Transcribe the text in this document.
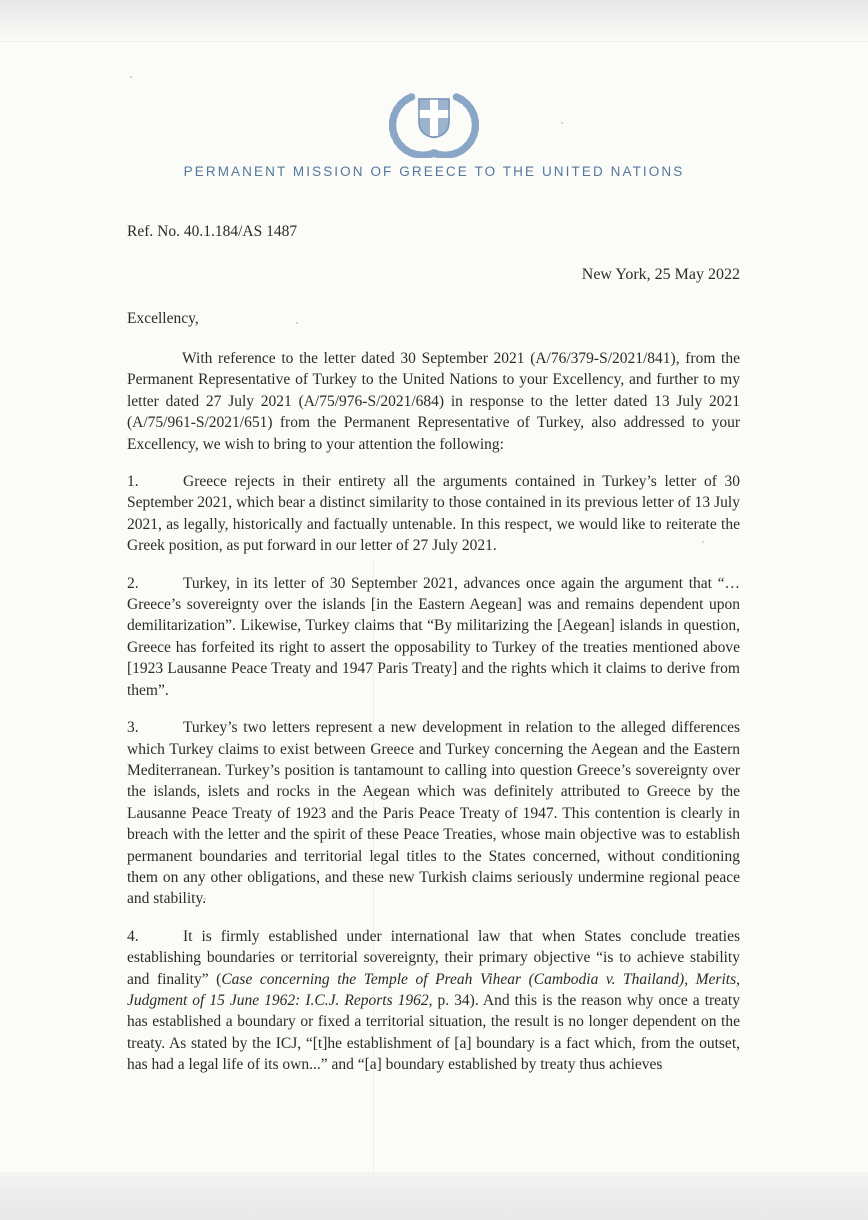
PERMANENT MISSION OF GREECE TO THE UNITED NATIONS
Ref. No. 40.1.184/AS 1487
New York, 25 May 2022
Excellency,

With reference to the letter dated 30 September 2021 (A/76/379-S/2021/841), from the Permanent Representative of Turkey to the United Nations to your Excellency, and further to my letter dated 27 July 2021 (A/75/976-S/2021/684) in response to the letter dated 13 July 2021 (A/75/961-S/2021/651) from the Permanent Representative of Turkey, also addressed to your Excellency, we wish to bring to your attention the following:

1.	Greece rejects in their entirety all the arguments contained in Turkey’s letter of 30 September 2021, which bear a distinct similarity to those contained in its previous letter of 13 July 2021, as legally, historically and factually untenable. In this respect, we would like to reiterate the Greek position, as put forward in our letter of 27 July 2021.

2.	Turkey, in its letter of 30 September 2021, advances once again the argument that “…Greece’s sovereignty over the islands [in the Eastern Aegean] was and remains dependent upon demilitarization”. Likewise, Turkey claims that “By militarizing the [Aegean] islands in question, Greece has forfeited its right to assert the opposability to Turkey of the treaties mentioned above [1923 Lausanne Peace Treaty and 1947 Paris Treaty] and the rights which it claims to derive from them”.

3.	Turkey’s two letters represent a new development in relation to the alleged differences which Turkey claims to exist between Greece and Turkey concerning the Aegean and the Eastern Mediterranean. Turkey’s position is tantamount to calling into question Greece’s sovereignty over the islands, islets and rocks in the Aegean which was definitely attributed to Greece by the Lausanne Peace Treaty of 1923 and the Paris Peace Treaty of 1947. This contention is clearly in breach with the letter and the spirit of these Peace Treaties, whose main objective was to establish permanent boundaries and territorial legal titles to the States concerned, without conditioning them on any other obligations, and these new Turkish claims seriously undermine regional peace and stability.

4.	It is firmly established under international law that when States conclude treaties establishing boundaries or territorial sovereignty, their primary objective “is to achieve stability and finality” (Case concerning the Temple of Preah Vihear (Cambodia v. Thailand), Merits, Judgment of 15 June 1962: I.C.J. Reports 1962, p. 34). And this is the reason why once a treaty has established a boundary or fixed a territorial situation, the result is no longer dependent on the treaty. As stated by the ICJ, “[t]he establishment of [a] boundary is a fact which, from the outset, has had a legal life of its own...” and “[a] boundary established by treaty thus achieves
